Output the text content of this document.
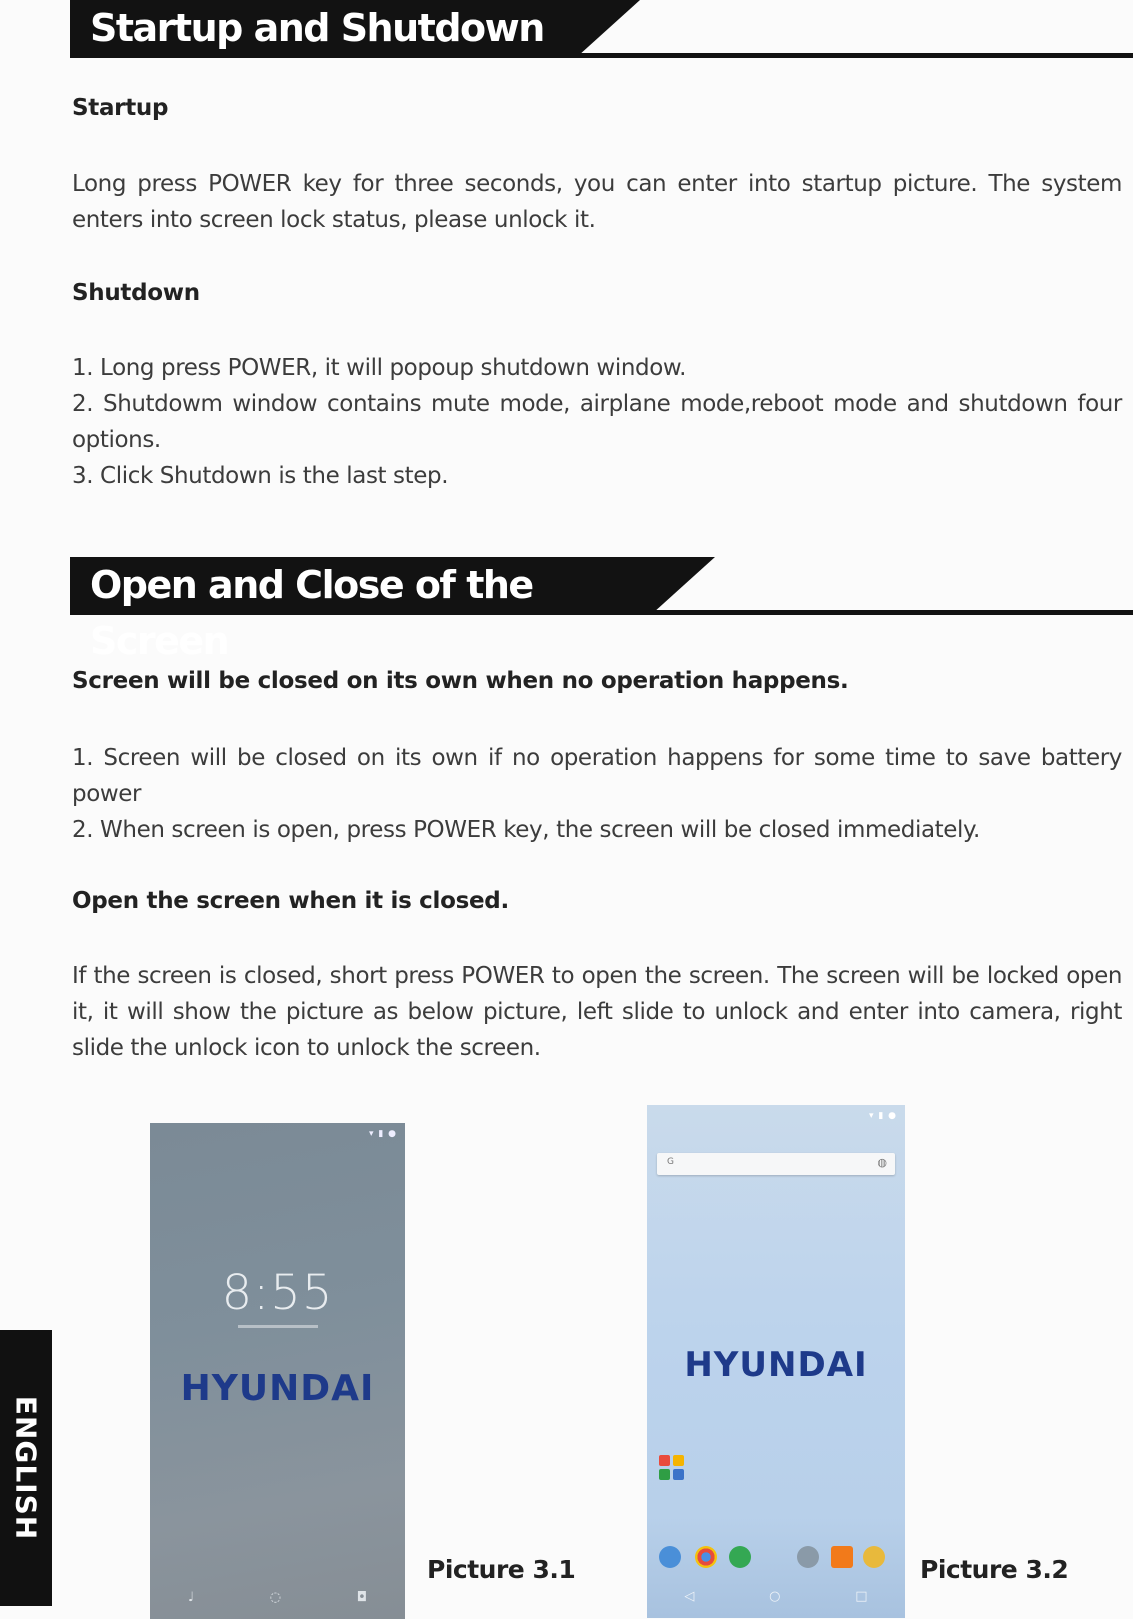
Startup and Shutdown
Startup

Long press POWER key for three seconds, you can enter into startup picture. The system enters into screen lock status, please unlock it.

Shutdown

1. Long press POWER, it will popoup shutdown window.

2. Shutdowm window contains mute mode, airplane mode,reboot mode and shutdown four options.

3. Click Shutdown is the last step.

Open and Close of the Screen
Screen will be closed on its own when no operation happens.

1. Screen will be closed on its own if no operation happens for some time to save battery power

2. When screen is open, press POWER key, the screen will be closed immediately.

Open the screen when it is closed.

If the screen is closed, short press POWER to open the screen. The screen will be locked open it, it will show the picture as below picture, left slide to unlock and enter into camera, right slide the unlock icon to unlock the screen.

▾ ▮ ●
8:55
HYUNDAI
♩	◌	◘
Picture 3.1
▾ ▮ ●
G	◍
HYUNDAI
◁	○	□
Picture 3.2
ENGLISH
